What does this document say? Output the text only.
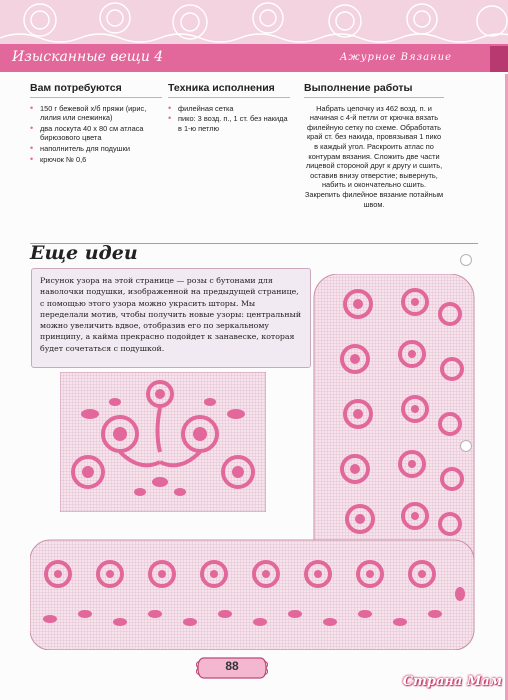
Изысканные вещи 4	Ажурное Вязание
Вам потребуются
• 150 г бежевой х/б пряжи (ирис, лилия или снежинка)
• два лоскута 40 х 80 см атласа бирюзового цвета
• наполнитель для подушки
• крючок № 0,6
Техника исполнения
• филейная сетка
• пико: 3 возд. п., 1 ст. без накида в 1-ю петлю
Выполнение работы

Набрать цепочку из 462 возд. п. и начиная с 4-й петли от крючка вязать филейную сетку по схеме. Обработать край ст. без накида, провязывая 1 пико в каждый угол. Раскроить атлас по контурам вязания. Сложить две части лицевой стороной друг к другу и сшить, оставив внизу отверстие; вывернуть, набить и окончательно сшить. Закрепить филейное вязание потайным швом.

Еще идеи

Рисунок узора на этой странице — розы с бутонами для наволочки подушки, изображенной на предыдущей странице, с помощью этого узора можно украсить шторы. Мы переделали мотив, чтобы получить новые узоры: центральный можно увеличить вдвое, отобразив его по зеркальному принципу, а кайма прекрасно подойдет к занавеске, которая будет сочетаться с подушкой.

88
Страна Мам
